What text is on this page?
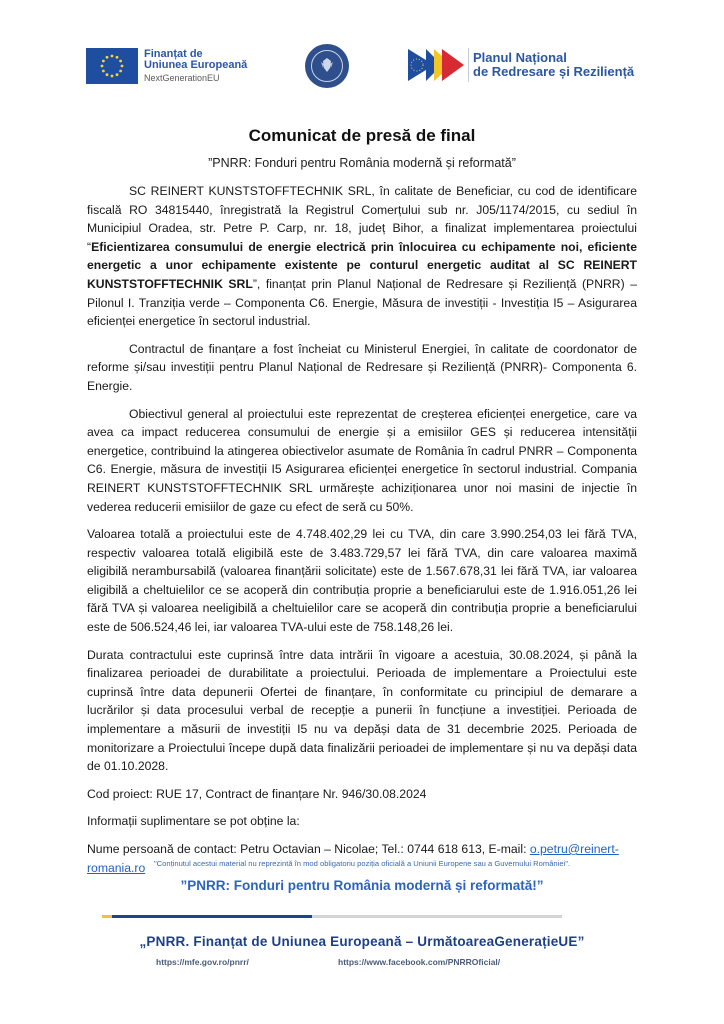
Finanțat de
Uniunea Europeană
NextGenerationEU
Planul Național
de Redresare și Reziliență
Comunicat de presă de final
”PNRR: Fonduri pentru România modernă și reformată”

SC REINERT KUNSTSTOFFTECHNIK SRL, în calitate de Beneficiar, cu cod de identificare fiscală RO 34815440, înregistrată la Registrul Comerțului sub nr. J05/1174/2015, cu sediul în Municipiul Oradea, str. Petre P. Carp, nr. 18, județ Bihor, a finalizat implementarea proiectului “Eficientizarea consumului de energie electrică prin înlocuirea cu echipamente noi, eficiente energetic a unor echipamente existente pe conturul energetic auditat al SC REINERT KUNSTSTOFFTECHNIK SRL”, finanțat prin Planul Național de Redresare și Reziliență (PNRR) – Pilonul I. Tranziția verde – Componenta C6. Energie, Măsura de investiții - Investiția I5 – Asigurarea eficienței energetice în sectorul industrial.

Contractul de finanțare a fost încheiat cu Ministerul Energiei, în calitate de coordonator de reforme și/sau investiții pentru Planul Național de Redresare și Reziliență (PNRR)- Componenta 6. Energie.

Obiectivul general al proiectului este reprezentat de creșterea eficienței energetice, care va avea ca impact reducerea consumului de energie și a emisiilor GES și reducerea intensității energetice, contribuind la atingerea obiectivelor asumate de România în cadrul PNRR – Componenta C6. Energie, măsura de investiții I5 Asigurarea eficienței energetice în sectorul industrial. Compania REINERT KUNSTSTOFFTECHNIK SRL urmărește achiziționarea unor noi masini de injectie în vederea reducerii emisiilor de gaze cu efect de seră cu 50%.

Valoarea totală a proiectului este de 4.748.402,29 lei cu TVA, din care 3.990.254,03 lei fără TVA, respectiv valoarea totală eligibilă este de 3.483.729,57 lei fără TVA, din care valoarea maximă eligibilă nerambursabilă (valoarea finanțării solicitate) este de 1.567.678,31 lei fără TVA, iar valoarea eligibilă a cheltuielilor ce se acoperă din contribuția proprie a beneficiarului este de 1.916.051,26 lei fără TVA și valoarea neeligibilă a cheltuielilor care se acoperă din contribuția proprie a beneficiarului este de 506.524,46 lei, iar valoarea TVA-ului este de 758.148,26 lei.

Durata contractului este cuprinsă între data intrării în vigoare a acestuia, 30.08.2024, și până la finalizarea perioadei de durabilitate a proiectului. Perioada de implementare a Proiectului este cuprinsă între data depunerii Ofertei de finanțare, în conformitate cu principiul de demarare a lucrărilor și data procesului verbal de recepție a punerii în funcțiune a investiției. Perioada de implementare a măsurii de investiții I5 nu va depăși data de 31 decembrie 2025. Perioada de monitorizare a Proiectului începe după data finalizării perioadei de implementare și nu va depăși data de 01.10.2028.

Cod proiect: RUE 17, Contract de finanțare Nr. 946/30.08.2024

Informații suplimentare se pot obține la:

Nume persoană de contact: Petru Octavian – Nicolae; Tel.: 0744 618 613, E-mail: o.petru@reinert-romania.ro	"Conținutul acestui material nu reprezintă în mod obligatoriu poziția oficială a Uniunii Europene sau a Guvernului României".
”PNRR: Fonduri pentru România modernă și reformată!”
„PNRR. Finanțat de Uniunea Europeană – UrmătoareaGenerațieUE”
https://mfe.gov.ro/pnrr/	https://www.facebook.com/PNRROficial/
